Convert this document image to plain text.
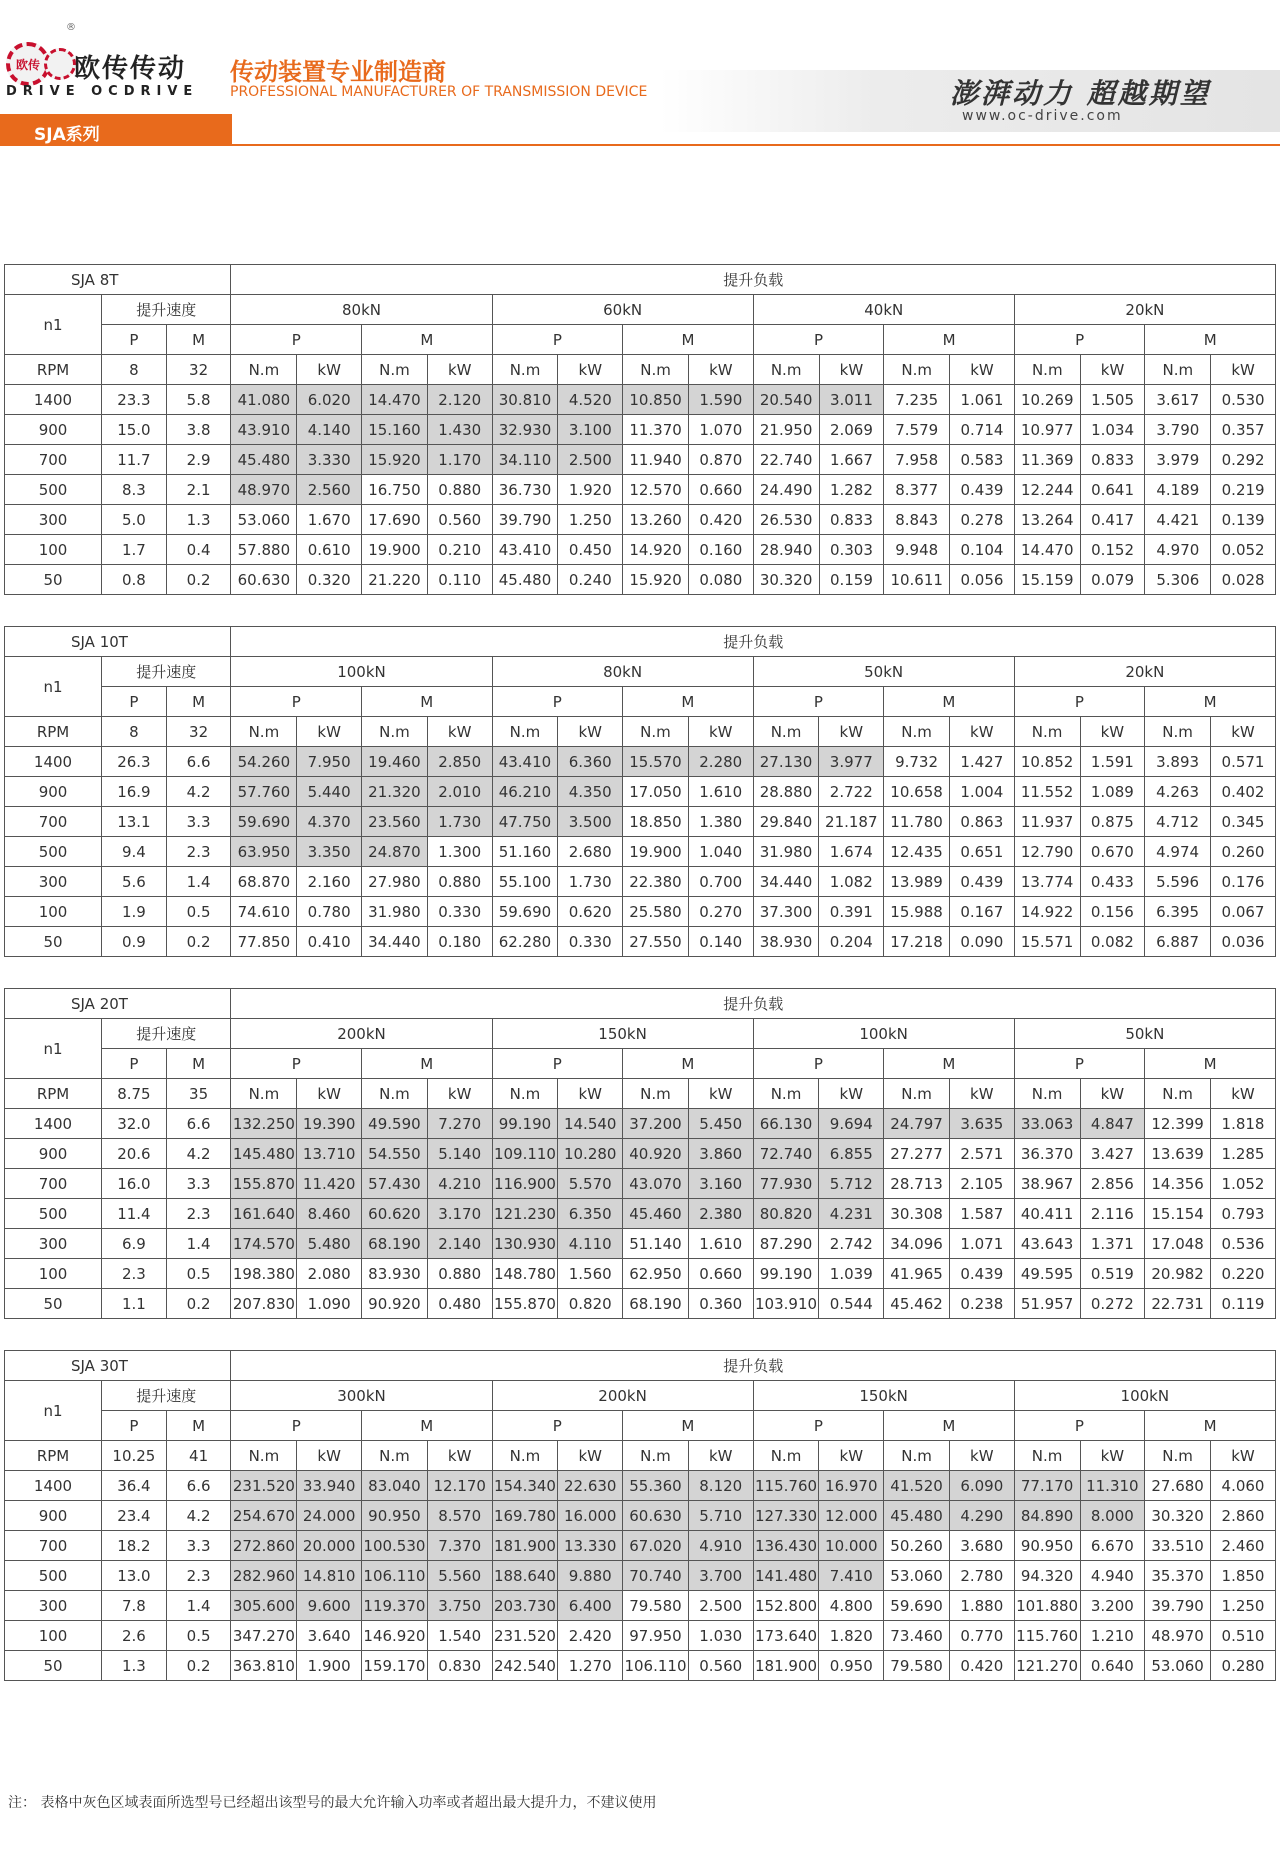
欧传
®
欧传传动
DRIVE OCDRIVE
传动装置专业制造商
PROFESSIONAL MANUFACTURER OF TRANSMISSION DEVICE	澎湃动力 超越期望
www.oc-drive.com
SJA系列
SJA 8T			提升负载															
n1	提升速度		80kN				60kN				40kN				20kN			
	P	M	P		M		P		M		P		M		P		M	
RPM	8	32	N.m	kW	N.m	kW	N.m	kW	N.m	kW	N.m	kW	N.m	kW	N.m	kW	N.m	kW
1400	23.3	5.8	41.080	6.020	14.470	2.120	30.810	4.520	10.850	1.590	20.540	3.011	7.235	1.061	10.269	1.505	3.617	0.530
900	15.0	3.8	43.910	4.140	15.160	1.430	32.930	3.100	11.370	1.070	21.950	2.069	7.579	0.714	10.977	1.034	3.790	0.357
700	11.7	2.9	45.480	3.330	15.920	1.170	34.110	2.500	11.940	0.870	22.740	1.667	7.958	0.583	11.369	0.833	3.979	0.292
500	8.3	2.1	48.970	2.560	16.750	0.880	36.730	1.920	12.570	0.660	24.490	1.282	8.377	0.439	12.244	0.641	4.189	0.219
300	5.0	1.3	53.060	1.670	17.690	0.560	39.790	1.250	13.260	0.420	26.530	0.833	8.843	0.278	13.264	0.417	4.421	0.139
100	1.7	0.4	57.880	0.610	19.900	0.210	43.410	0.450	14.920	0.160	28.940	0.303	9.948	0.104	14.470	0.152	4.970	0.052
50	0.8	0.2	60.630	0.320	21.220	0.110	45.480	0.240	15.920	0.080	30.320	0.159	10.611	0.056	15.159	0.079	5.306	0.028
SJA 10T			提升负载															
n1	提升速度		100kN				80kN				50kN				20kN			
	P	M	P		M		P		M		P		M		P		M	
RPM	8	32	N.m	kW	N.m	kW	N.m	kW	N.m	kW	N.m	kW	N.m	kW	N.m	kW	N.m	kW
1400	26.3	6.6	54.260	7.950	19.460	2.850	43.410	6.360	15.570	2.280	27.130	3.977	9.732	1.427	10.852	1.591	3.893	0.571
900	16.9	4.2	57.760	5.440	21.320	2.010	46.210	4.350	17.050	1.610	28.880	2.722	10.658	1.004	11.552	1.089	4.263	0.402
700	13.1	3.3	59.690	4.370	23.560	1.730	47.750	3.500	18.850	1.380	29.840	21.187	11.780	0.863	11.937	0.875	4.712	0.345
500	9.4	2.3	63.950	3.350	24.870	1.300	51.160	2.680	19.900	1.040	31.980	1.674	12.435	0.651	12.790	0.670	4.974	0.260
300	5.6	1.4	68.870	2.160	27.980	0.880	55.100	1.730	22.380	0.700	34.440	1.082	13.989	0.439	13.774	0.433	5.596	0.176
100	1.9	0.5	74.610	0.780	31.980	0.330	59.690	0.620	25.580	0.270	37.300	0.391	15.988	0.167	14.922	0.156	6.395	0.067
50	0.9	0.2	77.850	0.410	34.440	0.180	62.280	0.330	27.550	0.140	38.930	0.204	17.218	0.090	15.571	0.082	6.887	0.036
SJA 20T			提升负载															
n1	提升速度		200kN				150kN				100kN				50kN			
	P	M	P		M		P		M		P		M		P		M	
RPM	8.75	35	N.m	kW	N.m	kW	N.m	kW	N.m	kW	N.m	kW	N.m	kW	N.m	kW	N.m	kW
1400	32.0	6.6	132.250	19.390	49.590	7.270	99.190	14.540	37.200	5.450	66.130	9.694	24.797	3.635	33.063	4.847	12.399	1.818
900	20.6	4.2	145.480	13.710	54.550	5.140	109.110	10.280	40.920	3.860	72.740	6.855	27.277	2.571	36.370	3.427	13.639	1.285
700	16.0	3.3	155.870	11.420	57.430	4.210	116.900	5.570	43.070	3.160	77.930	5.712	28.713	2.105	38.967	2.856	14.356	1.052
500	11.4	2.3	161.640	8.460	60.620	3.170	121.230	6.350	45.460	2.380	80.820	4.231	30.308	1.587	40.411	2.116	15.154	0.793
300	6.9	1.4	174.570	5.480	68.190	2.140	130.930	4.110	51.140	1.610	87.290	2.742	34.096	1.071	43.643	1.371	17.048	0.536
100	2.3	0.5	198.380	2.080	83.930	0.880	148.780	1.560	62.950	0.660	99.190	1.039	41.965	0.439	49.595	0.519	20.982	0.220
50	1.1	0.2	207.830	1.090	90.920	0.480	155.870	0.820	68.190	0.360	103.910	0.544	45.462	0.238	51.957	0.272	22.731	0.119
SJA 30T			提升负载															
n1	提升速度		300kN				200kN				150kN				100kN			
	P	M	P		M		P		M		P		M		P		M	
RPM	10.25	41	N.m	kW	N.m	kW	N.m	kW	N.m	kW	N.m	kW	N.m	kW	N.m	kW	N.m	kW
1400	36.4	6.6	231.520	33.940	83.040	12.170	154.340	22.630	55.360	8.120	115.760	16.970	41.520	6.090	77.170	11.310	27.680	4.060
900	23.4	4.2	254.670	24.000	90.950	8.570	169.780	16.000	60.630	5.710	127.330	12.000	45.480	4.290	84.890	8.000	30.320	2.860
700	18.2	3.3	272.860	20.000	100.530	7.370	181.900	13.330	67.020	4.910	136.430	10.000	50.260	3.680	90.950	6.670	33.510	2.460
500	13.0	2.3	282.960	14.810	106.110	5.560	188.640	9.880	70.740	3.700	141.480	7.410	53.060	2.780	94.320	4.940	35.370	1.850
300	7.8	1.4	305.600	9.600	119.370	3.750	203.730	6.400	79.580	2.500	152.800	4.800	59.690	1.880	101.880	3.200	39.790	1.250
100	2.6	0.5	347.270	3.640	146.920	1.540	231.520	2.420	97.950	1.030	173.640	1.820	73.460	0.770	115.760	1.210	48.970	0.510
50	1.3	0.2	363.810	1.900	159.170	0.830	242.540	1.270	106.110	0.560	181.900	0.950	79.580	0.420	121.270	0.640	53.060	0.280
注： 表格中灰色区域表面所选型号已经超出该型号的最大允许输入功率或者超出最大提升力，不建议使用
